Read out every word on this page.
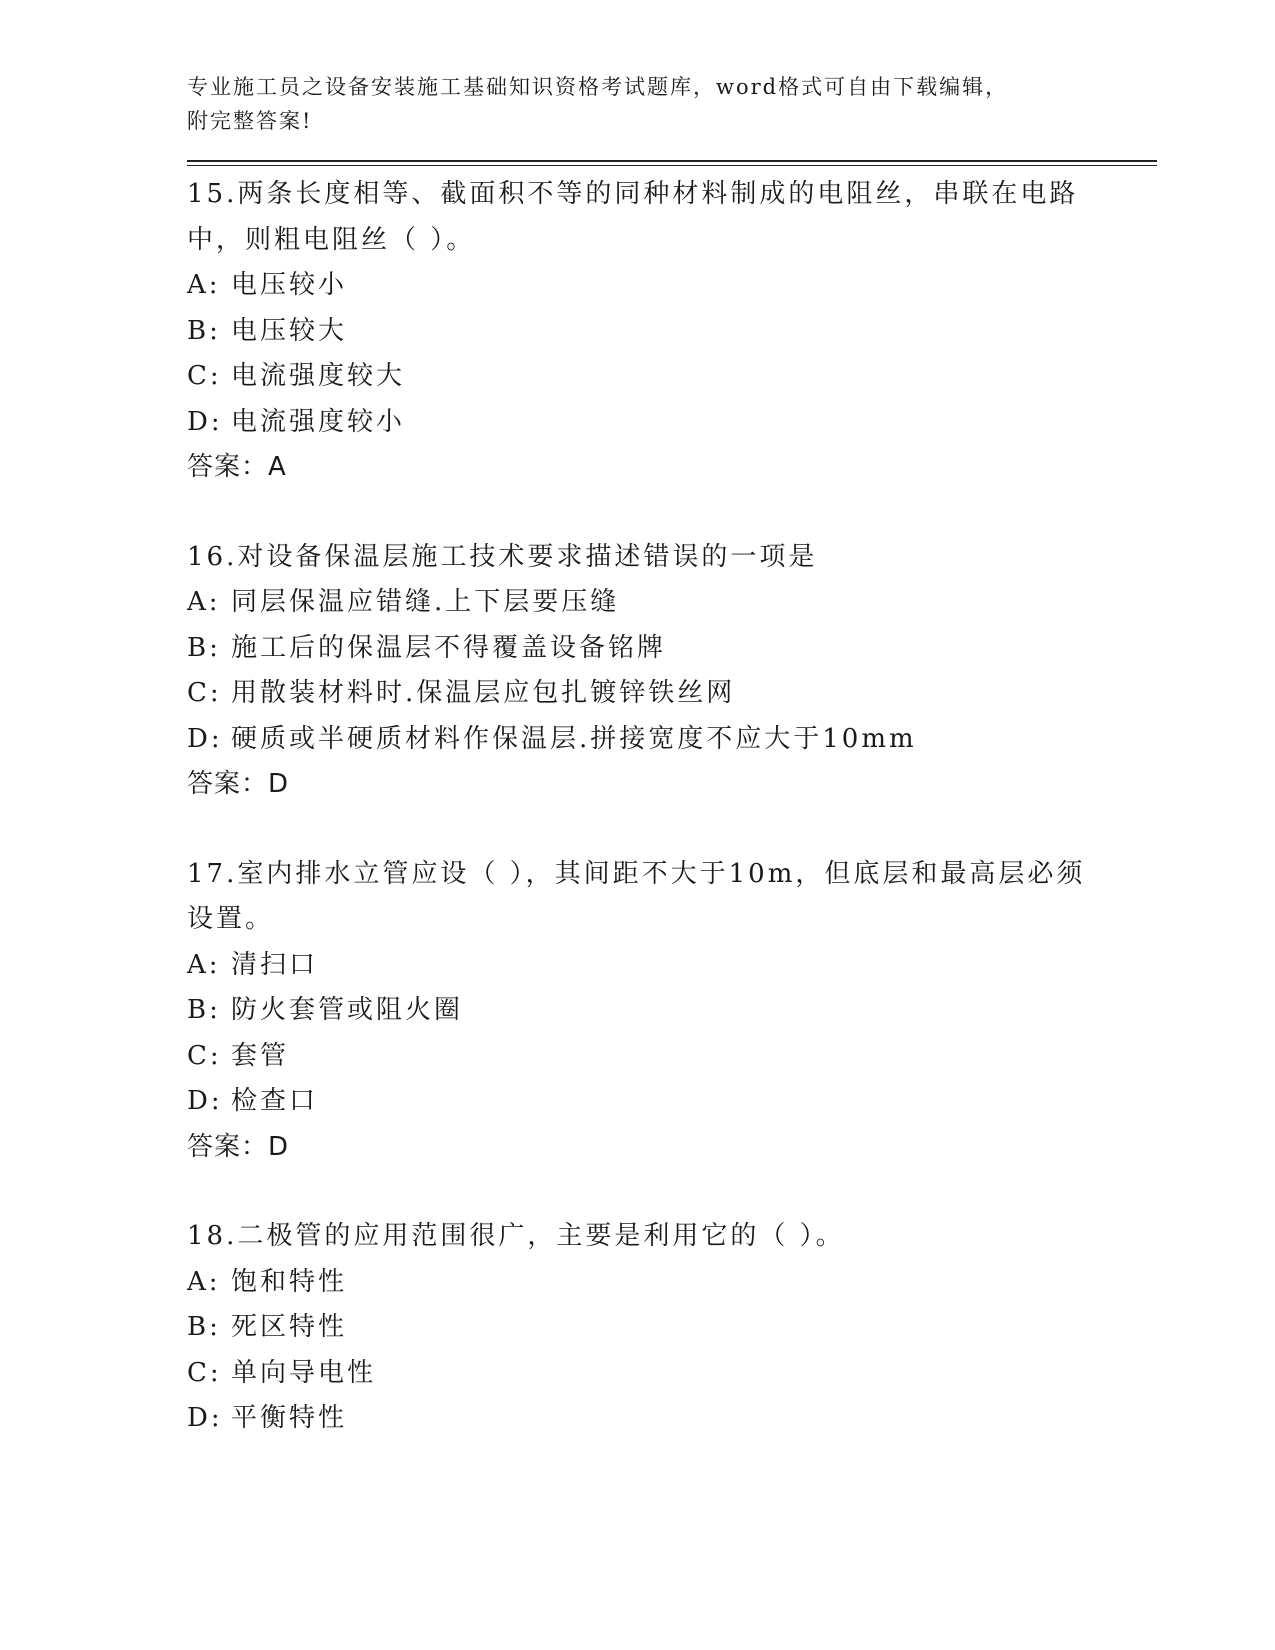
专业施工员之设备安装施工基础知识资格考试题库，word格式可自由下载编辑，
附完整答案!
15.两条长度相等、截面积不等的同种材料制成的电阻丝，串联在电路
中，则粗电阻丝（ ）。
A: 电压较小
B: 电压较大
C: 电流强度较大
D: 电流强度较小
答案：A
16.对设备保温层施工技术要求描述错误的一项是
A: 同层保温应错缝.上下层要压缝
B: 施工后的保温层不得覆盖设备铭牌
C: 用散装材料时.保温层应包扎镀锌铁丝网
D: 硬质或半硬质材料作保温层.拼接宽度不应大于10mm
答案：D
17.室内排水立管应设（ ），其间距不大于10m，但底层和最高层必须
设置。
A: 清扫口
B: 防火套管或阻火圈
C: 套管
D: 检查口
答案：D
18.二极管的应用范围很广，主要是利用它的（ ）。
A: 饱和特性
B: 死区特性
C: 单向导电性
D: 平衡特性
